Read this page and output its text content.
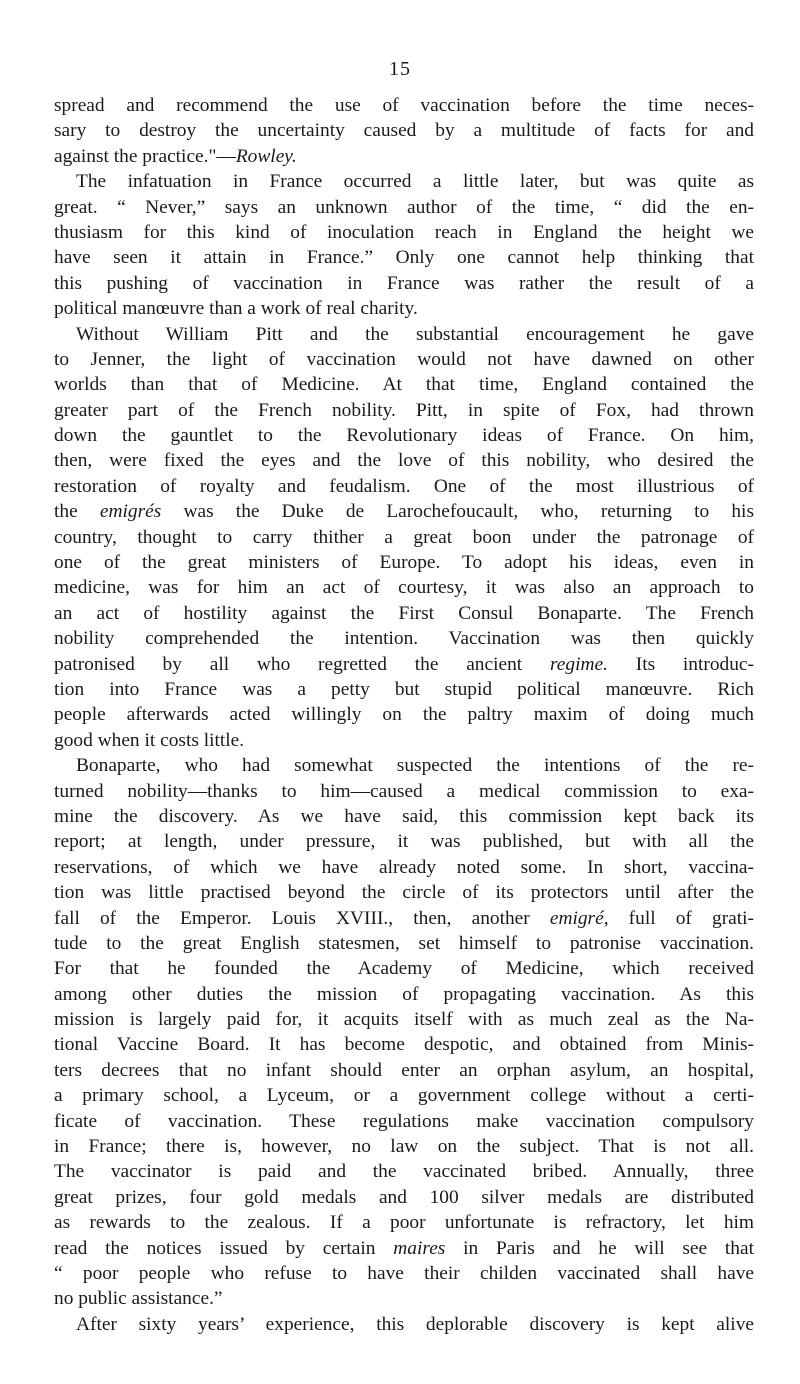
15
spread and recommend the use of vaccination before the time neces-
sary to destroy the uncertainty caused by a multitude of facts for and
against the practice."—Rowley.
The infatuation in France occurred a little later, but was quite as
great. “ Never,” says an unknown author of the time, “ did the en-
thusiasm for this kind of inoculation reach in England the height we
have seen it attain in France.” Only one cannot help thinking that
this pushing of vaccination in France was rather the result of a
political manœuvre than a work of real charity.
Without William Pitt and the substantial encouragement he gave
to Jenner, the light of vaccination would not have dawned on other
worlds than that of Medicine. At that time, England contained the
greater part of the French nobility. Pitt, in spite of Fox, had thrown
down the gauntlet to the Revolutionary ideas of France. On him,
then, were fixed the eyes and the love of this nobility, who desired the
restoration of royalty and feudalism. One of the most illustrious of
the emigrés was the Duke de Larochefoucault, who, returning to his
country, thought to carry thither a great boon under the patronage of
one of the great ministers of Europe. To adopt his ideas, even in
medicine, was for him an act of courtesy, it was also an approach to
an act of hostility against the First Consul Bonaparte. The French
nobility comprehended the intention. Vaccination was then quickly
patronised by all who regretted the ancient regime. Its introduc-
tion into France was a petty but stupid political manœuvre. Rich
people afterwards acted willingly on the paltry maxim of doing much
good when it costs little.
Bonaparte, who had somewhat suspected the intentions of the re-
turned nobility—thanks to him—caused a medical commission to exa-
mine the discovery. As we have said, this commission kept back its
report; at length, under pressure, it was published, but with all the
reservations, of which we have already noted some. In short, vaccina-
tion was little practised beyond the circle of its protectors until after the
fall of the Emperor. Louis XVIII., then, another emigré, full of grati-
tude to the great English statesmen, set himself to patronise vaccination.
For that he founded the Academy of Medicine, which received
among other duties the mission of propagating vaccination. As this
mission is largely paid for, it acquits itself with as much zeal as the Na-
tional Vaccine Board. It has become despotic, and obtained from Minis-
ters decrees that no infant should enter an orphan asylum, an hospital,
a primary school, a Lyceum, or a government college without a certi-
ficate of vaccination. These regulations make vaccination compulsory
in France; there is, however, no law on the subject. That is not all.
The vaccinator is paid and the vaccinated bribed. Annually, three
great prizes, four gold medals and 100 silver medals are distributed
as rewards to the zealous. If a poor unfortunate is refractory, let him
read the notices issued by certain maires in Paris and he will see that
“ poor people who refuse to have their childen vaccinated shall have
no public assistance.”
After sixty years’ experience, this deplorable discovery is kept alive
